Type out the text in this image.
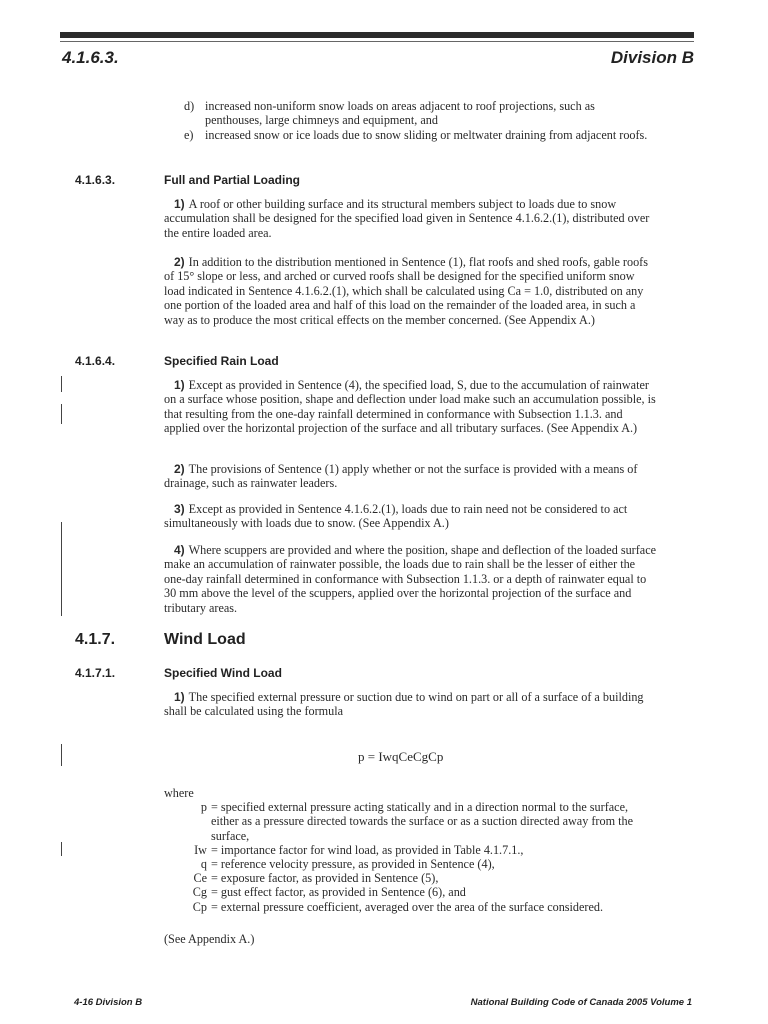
4.1.6.3.	Division B
d) increased non-uniform snow loads on areas adjacent to roof projections, such as penthouses, large chimneys and equipment, and
e) increased snow or ice loads due to snow sliding or meltwater draining from adjacent roofs.
4.1.6.3.	Full and Partial Loading
1) A roof or other building surface and its structural members subject to loads due to snow accumulation shall be designed for the specified load given in Sentence 4.1.6.2.(1), distributed over the entire loaded area.
2) In addition to the distribution mentioned in Sentence (1), flat roofs and shed roofs, gable roofs of 15° slope or less, and arched or curved roofs shall be designed for the specified uniform snow load indicated in Sentence 4.1.6.2.(1), which shall be calculated using Ca = 1.0, distributed on any one portion of the loaded area and half of this load on the remainder of the loaded area, in such a way as to produce the most critical effects on the member concerned. (See Appendix A.)
4.1.6.4.	Specified Rain Load
1) Except as provided in Sentence (4), the specified load, S, due to the accumulation of rainwater on a surface whose position, shape and deflection under load make such an accumulation possible, is that resulting from the one-day rainfall determined in conformance with Subsection 1.1.3. and applied over the horizontal projection of the surface and all tributary surfaces. (See Appendix A.)
2) The provisions of Sentence (1) apply whether or not the surface is provided with a means of drainage, such as rainwater leaders.
3) Except as provided in Sentence 4.1.6.2.(1), loads due to rain need not be considered to act simultaneously with loads due to snow. (See Appendix A.)
4) Where scuppers are provided and where the position, shape and deflection of the loaded surface make an accumulation of rainwater possible, the loads due to rain shall be the lesser of either the one-day rainfall determined in conformance with Subsection 1.1.3. or a depth of rainwater equal to 30 mm above the level of the scuppers, applied over the horizontal projection of the surface and tributary areas.
4.1.7.	Wind Load
4.1.7.1.	Specified Wind Load
1) The specified external pressure or suction due to wind on part or all of a surface of a building shall be calculated using the formula
p = IwqCeCgCp
where
p = specified external pressure acting statically and in a direction normal to the surface, either as a pressure directed towards the surface or as a suction directed away from the surface,
Iw = importance factor for wind load, as provided in Table 4.1.7.1.,
q = reference velocity pressure, as provided in Sentence (4),
Ce = exposure factor, as provided in Sentence (5),
Cg = gust effect factor, as provided in Sentence (6), and
Cp = external pressure coefficient, averaged over the area of the surface considered.
(See Appendix A.)
4-16 Division B	National Building Code of Canada 2005 Volume 1
